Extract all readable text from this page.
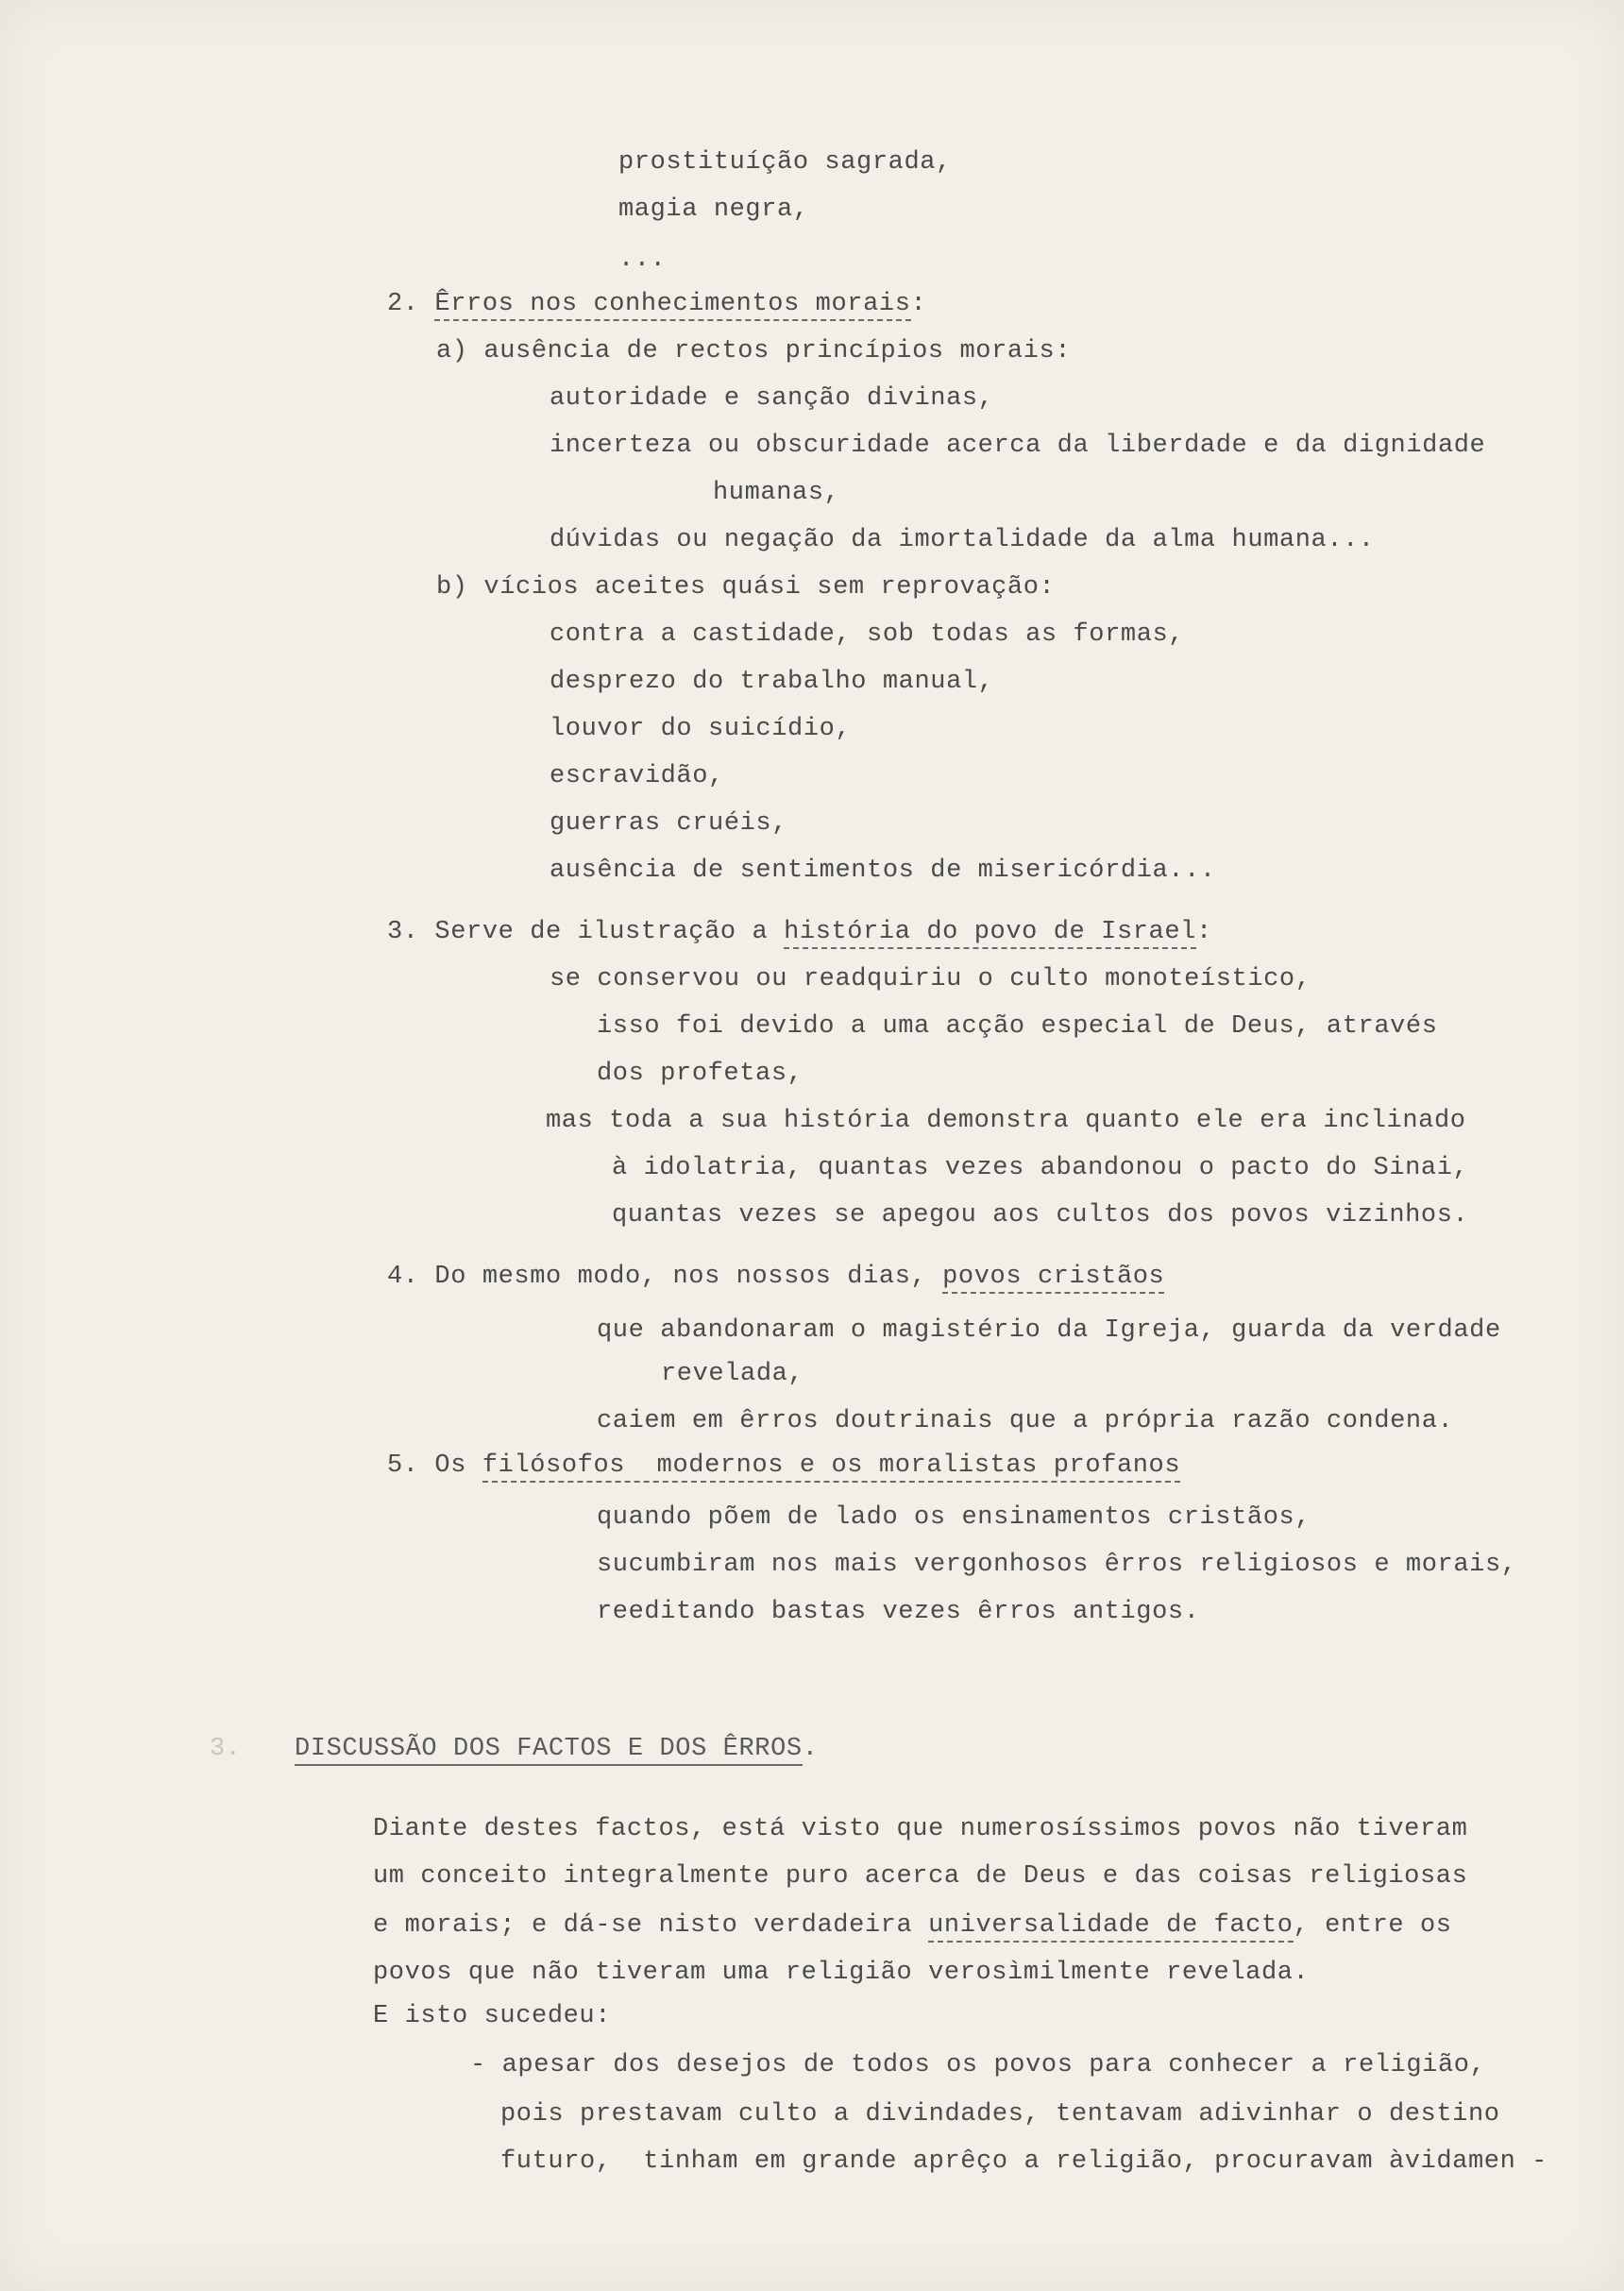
prostituíção sagrada,
magia negra,
...
2. Êrros nos conhecimentos morais:
a) ausência de rectos princípios morais:
autoridade e sanção divinas,
incerteza ou obscuridade acerca da liberdade e da dignidade
humanas,
dúvidas ou negação da imortalidade da alma humana...
b) vícios aceites quási sem reprovação:
contra a castidade, sob todas as formas,
desprezo do trabalho manual,
louvor do suicídio,
escravidão,
guerras cruéis,
ausência de sentimentos de misericórdia...
3. Serve de ilustração a história do povo de Israel:
se conservou ou readquiriu o culto monoteístico,
isso foi devido a uma acção especial de Deus, através
dos profetas,
mas toda a sua história demonstra quanto ele era inclinado
à idolatria, quantas vezes abandonou o pacto do Sinai,
quantas vezes se apegou aos cultos dos povos vizinhos.
4. Do mesmo modo, nos nossos dias, povos cristãos
que abandonaram o magistério da Igreja, guarda da verdade
revelada,
caiem em êrros doutrinais que a própria razão condena.
5. Os filósofos  modernos e os moralistas profanos
quando põem de lado os ensinamentos cristãos,
sucumbiram nos mais vergonhosos êrros religiosos e morais,
reeditando bastas vezes êrros antigos.
3. DISCUSSÃO DOS FACTOS E DOS ÊRROS.
Diante destes factos, está visto que numerosíssimos povos não tiveram
um conceito integralmente puro acerca de Deus e das coisas religiosas
e morais; e dá-se nisto verdadeira universalidade de facto, entre os
povos que não tiveram uma religião verosìmilmente revelada.
E isto sucedeu:
- apesar dos desejos de todos os povos para conhecer a religião,
pois prestavam culto a divindades, tentavam adivinhar o destino
futuro,  tinham em grande aprêço a religião, procuravam àvidamen -
